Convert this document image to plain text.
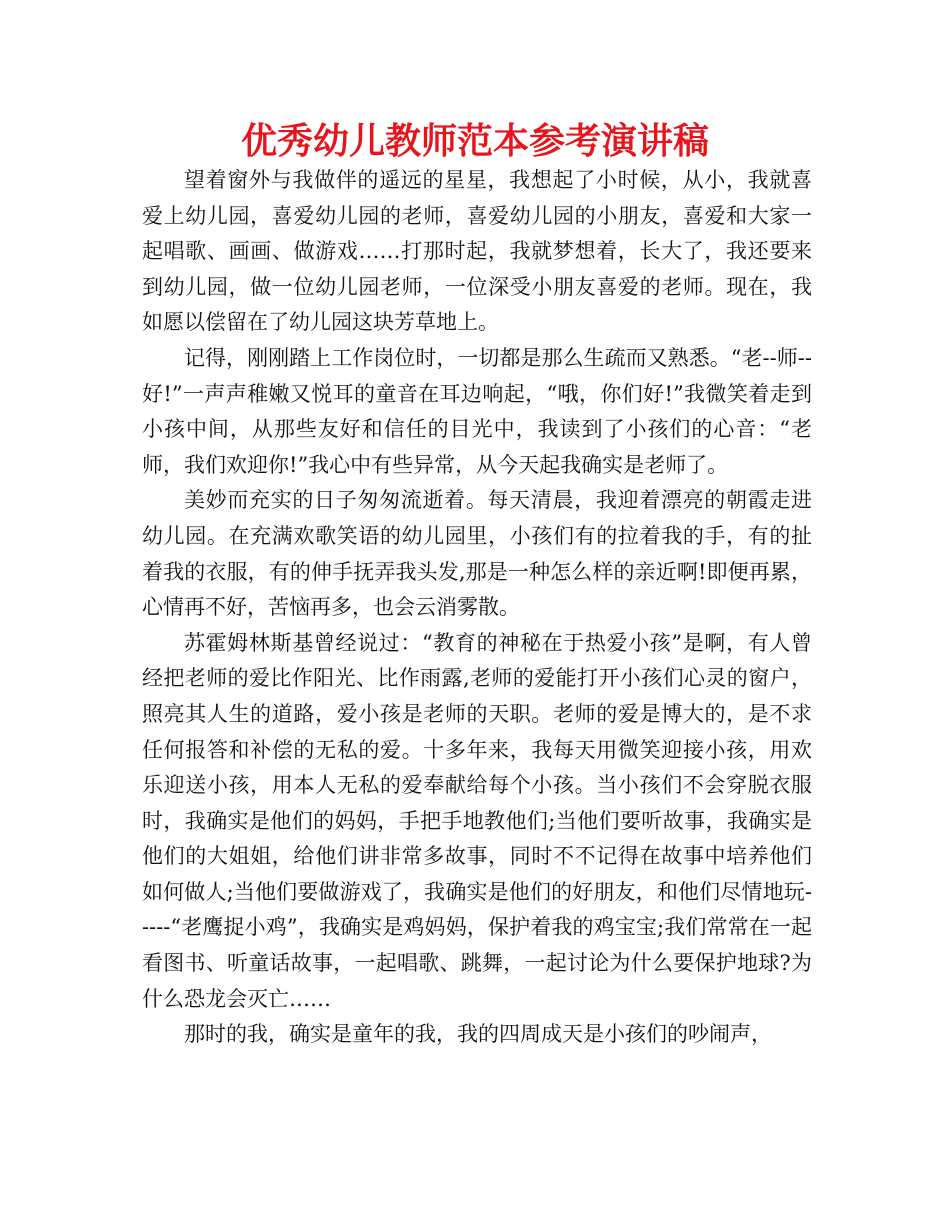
优秀幼儿教师范本参考演讲稿

望着窗外与我做伴的遥远的星星，我想起了小时候，从小，我就喜爱上幼儿园，喜爱幼儿园的老师，喜爱幼儿园的小朋友，喜爱和大家一起唱歌、画画、做游戏……打那时起，我就梦想着，长大了，我还要来到幼儿园，做一位幼儿园老师，一位深受小朋友喜爱的老师。现在，我如愿以偿留在了幼儿园这块芳草地上。

记得，刚刚踏上工作岗位时，一切都是那么生疏而又熟悉。“老--师--好!”一声声稚嫩又悦耳的童音在耳边响起，“哦，你们好!”我微笑着走到小孩中间，从那些友好和信任的目光中，我读到了小孩们的心音：“老师，我们欢迎你!”我心中有些异常，从今天起我确实是老师了。

美妙而充实的日子匆匆流逝着。每天清晨，我迎着漂亮的朝霞走进幼儿园。在充满欢歌笑语的幼儿园里，小孩们有的拉着我的手，有的扯着我的衣服，有的伸手抚弄我头发,那是一种怎么样的亲近啊!即便再累，心情再不好，苦恼再多，也会云消雾散。

苏霍姆林斯基曾经说过：“教育的神秘在于热爱小孩”是啊，有人曾经把老师的爱比作阳光、比作雨露,老师的爱能打开小孩们心灵的窗户，照亮其人生的道路，爱小孩是老师的天职。老师的爱是博大的，是不求任何报答和补偿的无私的爱。十多年来，我每天用微笑迎接小孩，用欢乐迎送小孩，用本人无私的爱奉献给每个小孩。当小孩们不会穿脱衣服时，我确实是他们的妈妈，手把手地教他们;当他们要听故事，我确实是他们的大姐姐，给他们讲非常多故事，同时不不记得在故事中培养他们如何做人;当他们要做游戏了，我确实是他们的好朋友，和他们尽情地玩-----“老鹰捉小鸡”，我确实是鸡妈妈，保护着我的鸡宝宝;我们常常在一起看图书、听童话故事，一起唱歌、跳舞，一起讨论为什么要保护地球?为什么恐龙会灭亡……

那时的我，确实是童年的我，我的四周成天是小孩们的吵闹声，
